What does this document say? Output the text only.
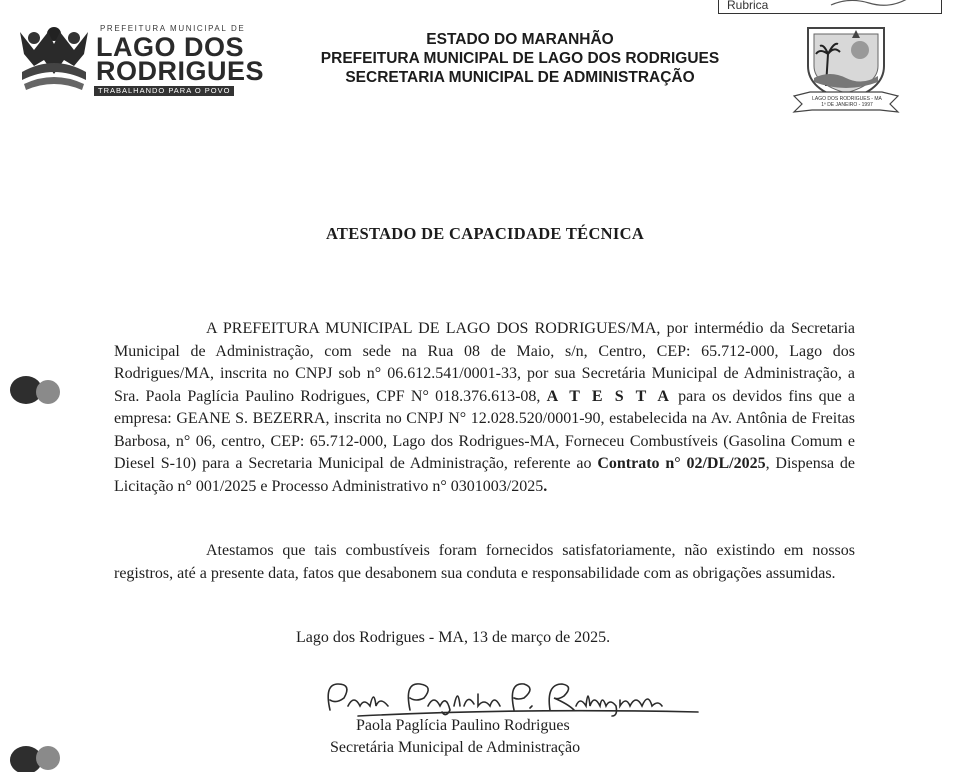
PREFEITURA MUNICIPAL DE
LAGO DOS
RODRIGUES
TRABALHANDO PARA O POVO
ESTADO DO MARANHÃO
PREFEITURA MUNICIPAL DE LAGO DOS RODRIGUES
SECRETARIA MUNICIPAL DE ADMINISTRAÇÃO
Rubrica
LAGO DOS RODRIGUES - MA
1º DE JANEIRO - 1997
ATESTADO DE CAPACIDADE TÉCNICA
A PREFEITURA MUNICIPAL DE LAGO DOS RODRIGUES/MA, por intermédio da Secretaria Municipal de Administração, com sede na Rua 08 de Maio, s/n, Centro, CEP: 65.712-000, Lago dos Rodrigues/MA, inscrita no CNPJ sob n° 06.612.541/0001-33, por sua Secretária Municipal de Administração, a Sra. Paola Paglícia Paulino Rodrigues, CPF N° 018.376.613-08, A T E S T A para os devidos fins que a empresa: GEANE S. BEZERRA, inscrita no CNPJ N° 12.028.520/0001-90, estabelecida na Av. Antônia de Freitas Barbosa, n° 06, centro, CEP: 65.712-000, Lago dos Rodrigues-MA, Forneceu Combustíveis (Gasolina Comum e Diesel S-10) para a Secretaria Municipal de Administração, referente ao Contrato n° 02/DL/2025, Dispensa de Licitação n° 001/2025 e Processo Administrativo n° 0301003/2025.
Atestamos que tais combustíveis foram fornecidos satisfatoriamente, não existindo em nossos registros, até a presente data, fatos que desabonem sua conduta e responsabilidade com as obrigações assumidas.
Lago dos Rodrigues - MA, 13 de março de 2025.
Paola Paglícia Paulino Rodrigues
Secretária Municipal de Administração
